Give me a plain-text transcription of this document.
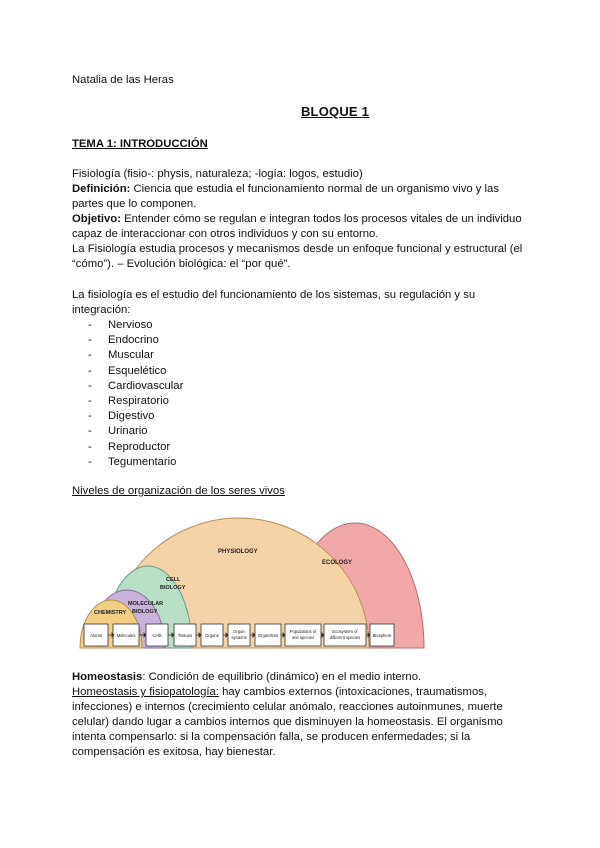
Natalia de las Heras
BLOQUE 1
TEMA 1: INTRODUCCIÓN

Fisiología (fisio-: physis, naturaleza; -logía: logos, estudio)

Definición: Ciencia que estudia el funcionamiento normal de un organismo vivo y las partes que lo componen.

Objetivo: Entender cómo se regulan e integran todos los procesos vitales de un individuo capaz de interaccionar con otros individuos y con su entorno.

La Fisiología estudia procesos y mecanismos desde un enfoque funcional y estructural (el “cómo”). – Evolución biológica: el “por qué”.

La fisiología es el estudio del funcionamiento de los sistemas, su regulación y su integración:
- Nervioso
- Endocrino
- Muscular
- Esquelético
- Cardiovascular
- Respiratorio
- Digestivo
- Urinario
- Reproductor
- Tegumentario
Niveles de organización de los seres vivos
PHYSIOLOGY
ECOLOGY
CELL
BIOLOGY
MOLECULAR
BIOLOGY
CHEMISTRY
Atoms	Molecules	Cells	Tissues	Organs
Organ
systems	Organisms
Populations of
one species
Ecosystem of
different species	Biosphere

Homeostasis: Condición de equilibrio (dinámico) en el medio interno.

Homeostasis y fisiopatología: hay cambios externos (intoxicaciones, traumatismos, infecciones) e internos (crecimiento celular anómalo, reacciones autoinmunes, muerte celular) dando lugar a cambios internos que disminuyen la homeostasis. El organismo intenta compensarlo: si la compensación falla, se producen enfermedades; si la compensación es exitosa, hay bienestar.
